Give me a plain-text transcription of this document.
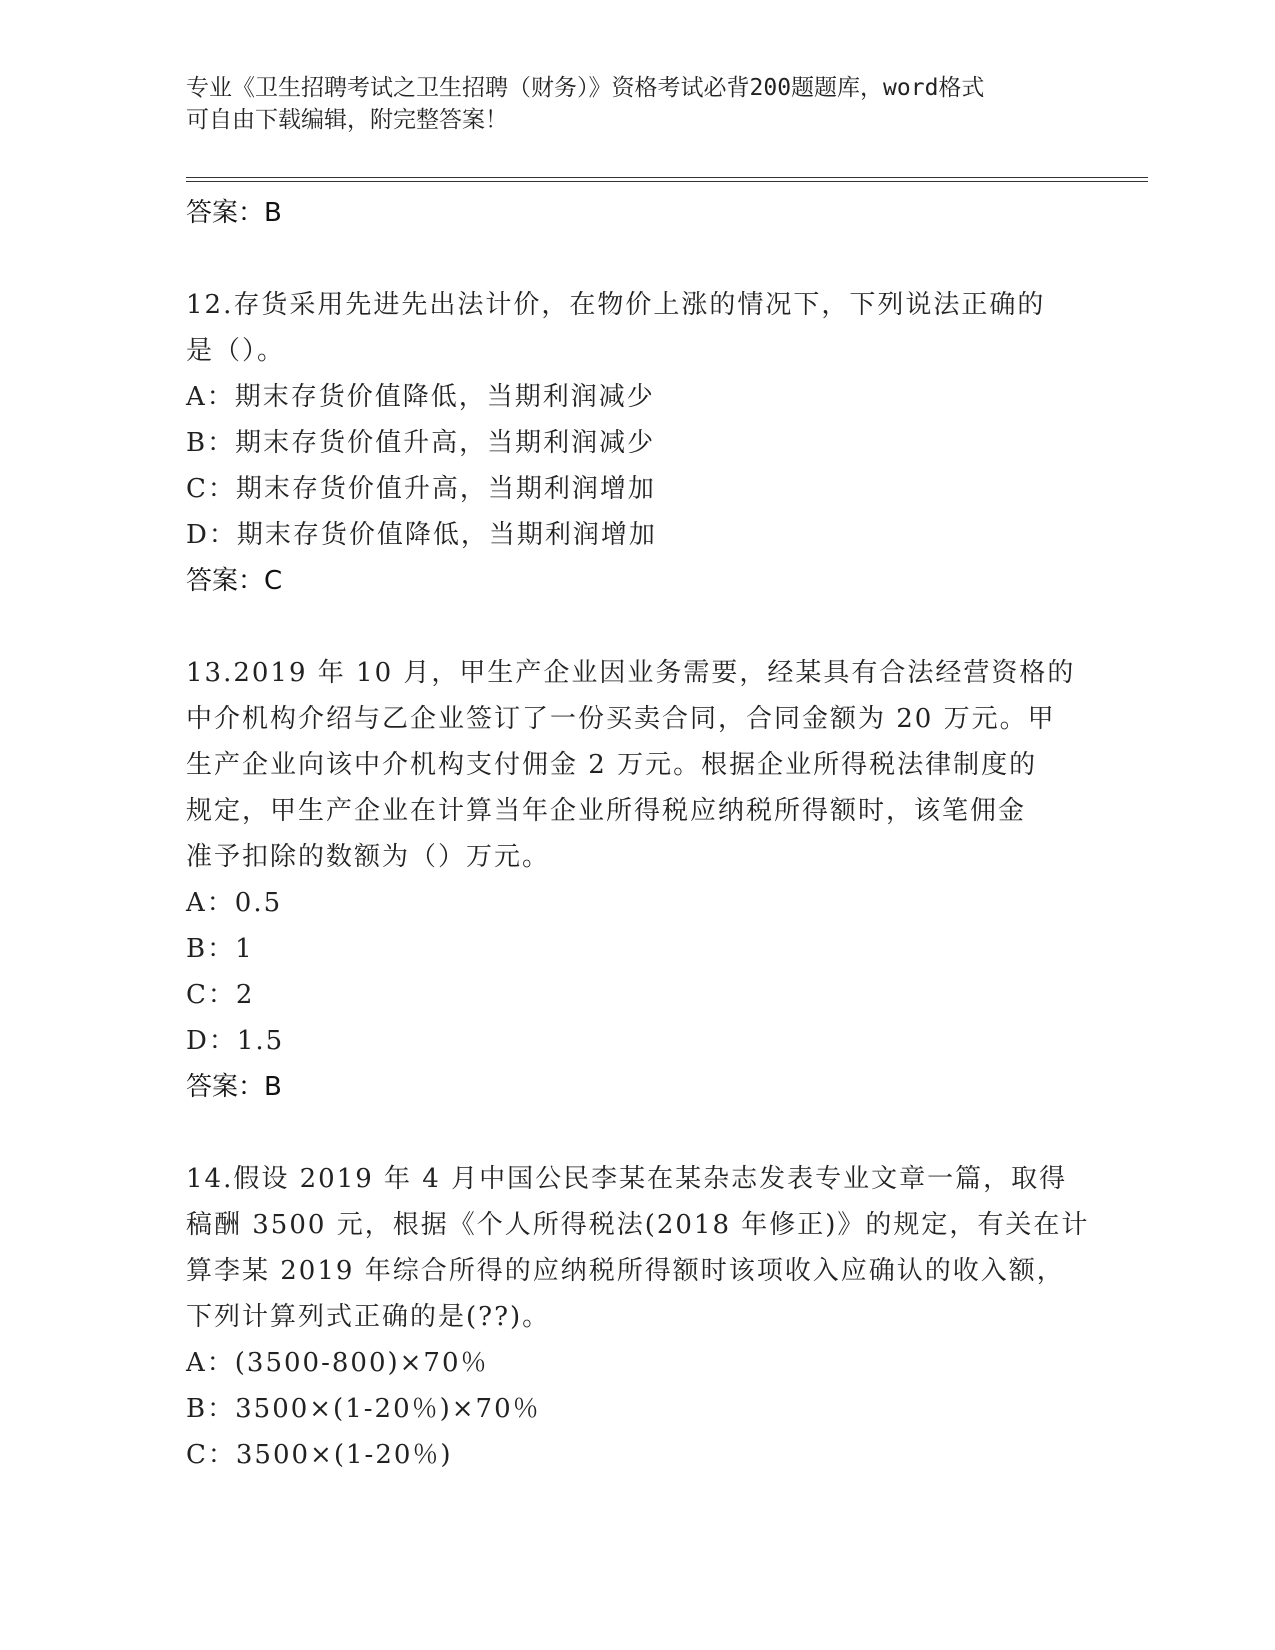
专业《卫生招聘考试之卫生招聘（财务）》资格考试必背200题题库，word格式
可自由下载编辑，附完整答案！
答案：B
12.存货采用先进先出法计价，在物价上涨的情况下，下列说法正确的
是（）。
A：期末存货价值降低，当期利润减少
B：期末存货价值升高，当期利润减少
C：期末存货价值升高，当期利润增加
D：期末存货价值降低，当期利润增加
答案：C
13.2019 年 10 月，甲生产企业因业务需要，经某具有合法经营资格的
中介机构介绍与乙企业签订了一份买卖合同，合同金额为 20 万元。甲
生产企业向该中介机构支付佣金 2 万元。根据企业所得税法律制度的
规定，甲生产企业在计算当年企业所得税应纳税所得额时，该笔佣金
准予扣除的数额为（）万元。
A：0.5
B：1
C：2
D：1.5
答案：B
14.假设 2019 年 4 月中国公民李某在某杂志发表专业文章一篇，取得
稿酬 3500 元，根据《个人所得税法(2018 年修正)》的规定，有关在计
算李某 2019 年综合所得的应纳税所得额时该项收入应确认的收入额，
下列计算列式正确的是(??)。
A：(3500-800)×70％
B：3500×(1-20％)×70％
C：3500×(1-20％)
